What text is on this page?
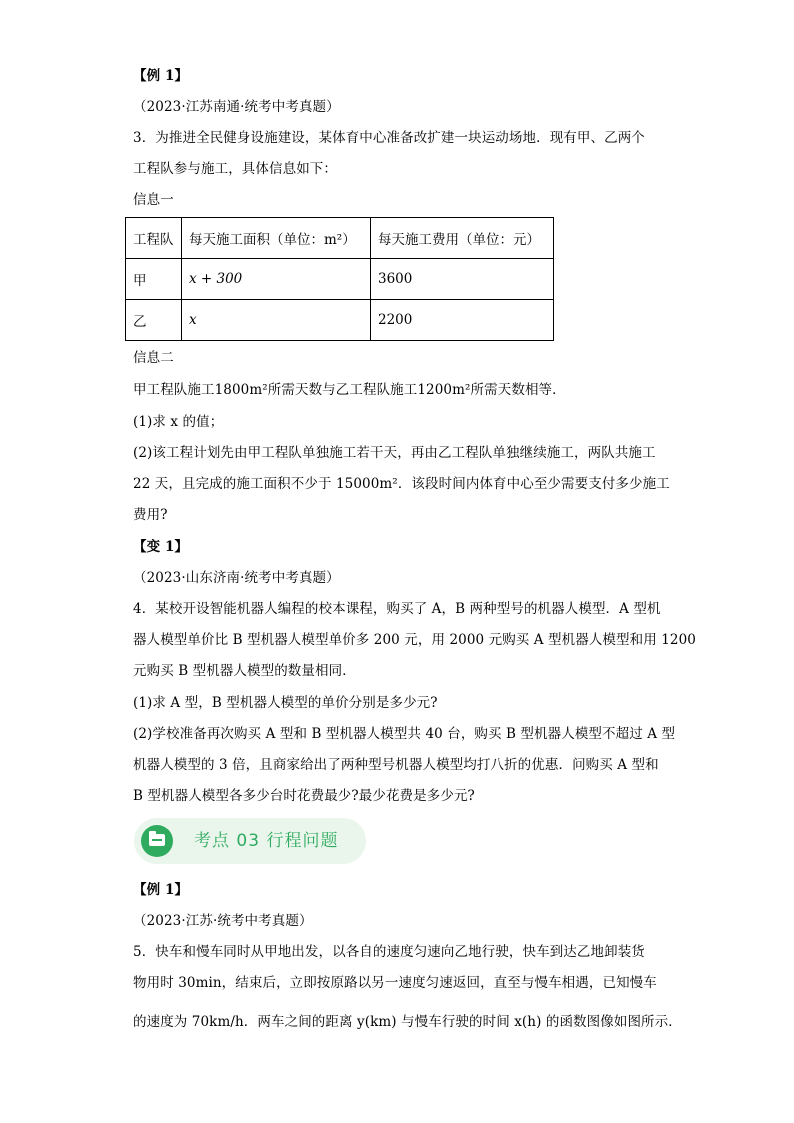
【例 1】
（2023·江苏南通·统考中考真题）
3．为推进全民健身设施建设，某体育中心准备改扩建一块运动场地．现有甲、乙两个
工程队参与施工，具体信息如下：
信息一
工程队	每天施工面积（单位：m²）	每天施工费用（单位：元）
甲	x + 300	3600
乙	x	2200
信息二
甲工程队施工1800m²所需天数与乙工程队施工1200m²所需天数相等．
(1)求 x 的值；
(2)该工程计划先由甲工程队单独施工若干天，再由乙工程队单独继续施工，两队共施工
22 天，且完成的施工面积不少于 15000m²．该段时间内体育中心至少需要支付多少施工
费用?
【变 1】
（2023·山东济南·统考中考真题）
4．某校开设智能机器人编程的校本课程，购买了 A，B 两种型号的机器人模型．A 型机
器人模型单价比 B 型机器人模型单价多 200 元，用 2000 元购买 A 型机器人模型和用 1200
元购买 B 型机器人模型的数量相同．
(1)求 A 型，B 型机器人模型的单价分别是多少元?
(2)学校准备再次购买 A 型和 B 型机器人模型共 40 台，购买 B 型机器人模型不超过 A 型
机器人模型的 3 倍，且商家给出了两种型号机器人模型均打八折的优惠．问购买 A 型和
B 型机器人模型各多少台时花费最少?最少花费是多少元?
考点 03 行程问题
【例 1】
（2023·江苏·统考中考真题）
5．快车和慢车同时从甲地出发，以各自的速度匀速向乙地行驶，快车到达乙地卸装货
物用时 30min，结束后，立即按原路以另一速度匀速返回，直至与慢车相遇，已知慢车
的速度为 70km/h．两车之间的距离 y(km) 与慢车行驶的时间 x(h) 的函数图像如图所示．
